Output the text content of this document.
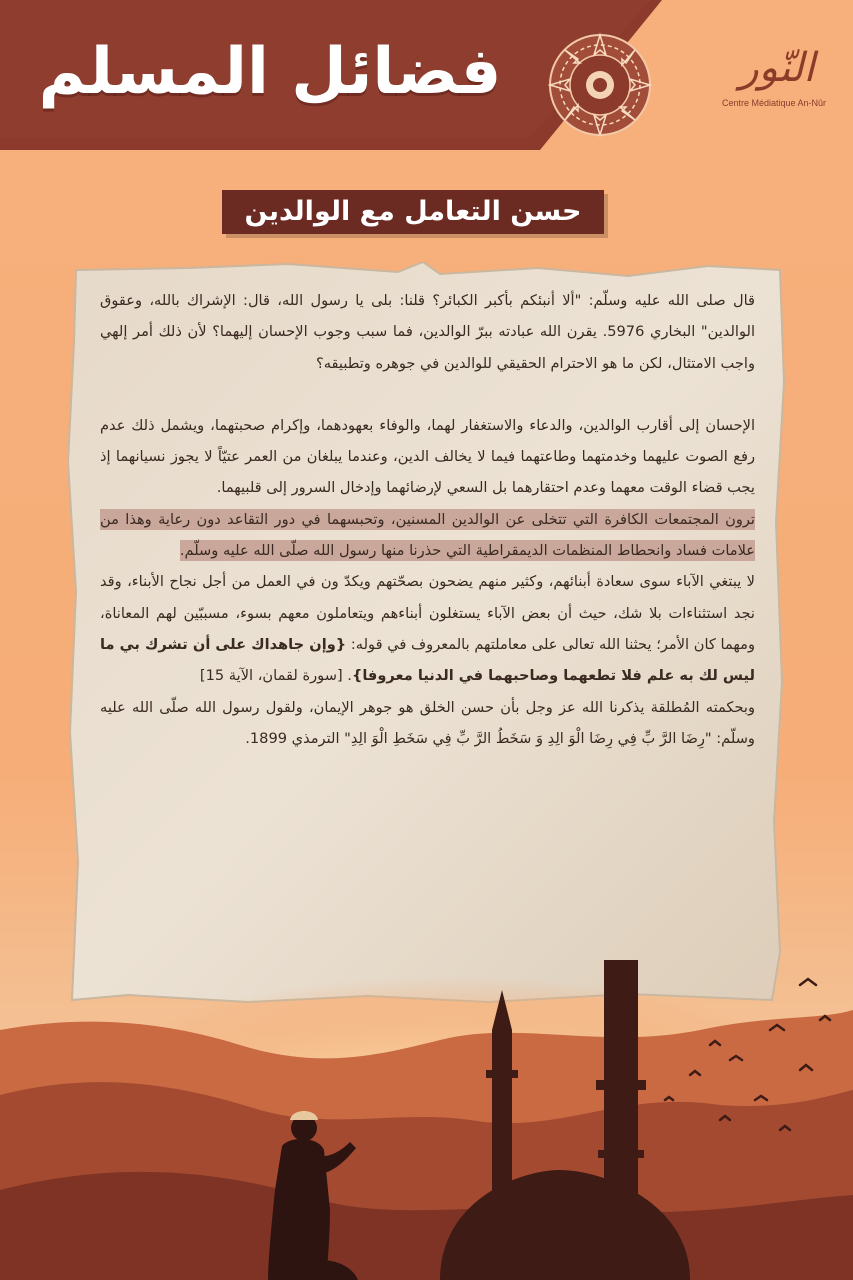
فضائل المسلم	النّور
Centre Médiatique An-Nûr
حسن التعامل مع الوالدين

قال صلى الله عليه وسلّم: "ألا أنبئكم بأكبر الكبائر؟ قلنا: بلى يا رسول الله، قال: الإشراك بالله، وعقوق الوالدين" البخاري 5976. يقرن الله عبادته ببرّ الوالدين، فما سبب وجوب الإحسان إليهما؟ لأن ذلك أمر إلهي واجب الامتثال، لكن ما هو الاحترام الحقيقي للوالدين في جوهره وتطبيقه؟

الإحسان إلى أقارب الوالدين، والدعاء والاستغفار لهما، والوفاء بعهودهما، وإكرام صحبتهما، ويشمل ذلك عدم رفع الصوت عليهما وخدمتهما وطاعتهما فيما لا يخالف الدين، وعندما يبلغان من العمر عتيّاً لا يجوز نسيانهما إذ يجب قضاء الوقت معهما وعدم احتقارهما بل السعي لإرضائهما وإدخال السرور إلى قلبيهما.

ترون المجتمعات الكافرة التي تتخلى عن الوالدين المسنين، وتحبسهما في دور التقاعد دون رعاية وهذا من علامات فساد وانحطاط المنظمات الديمقراطية التي حذرنا منها رسول الله صلّى الله عليه وسلّم.

لا يبتغي الآباء سوى سعادة أبنائهم، وكثير منهم يضحون بصحّتهم ويكدّ ون في العمل من أجل نجاح الأبناء، وقد نجد استثناءات بلا شك، حيث أن بعض الآباء يستغلون أبناءهم ويتعاملون معهم بسوء، مسببّين لهم المعاناة، ومهما كان الأمر؛ يحثنا الله تعالى على معاملتهم بالمعروف في قوله: {وإن جاهداك على أن تشرك بي ما ليس لك به علم فلا تطعهما وصاحبهما في الدنيا معروفا}. [سورة لقمان، الآية 15]

وبحكمته المُطلقة يذكرنا الله عز وجل بأن حسن الخلق هو جوهر الإيمان، ولقول رسول الله صلّى الله عليه وسلّم: "رِضَا الرَّ بِّ فِي رِضَا الْوَ الِدِ وَ سَخَطُ الرَّ بِّ فِي سَخَطِ الْوَ الِدِ" الترمذي 1899.
